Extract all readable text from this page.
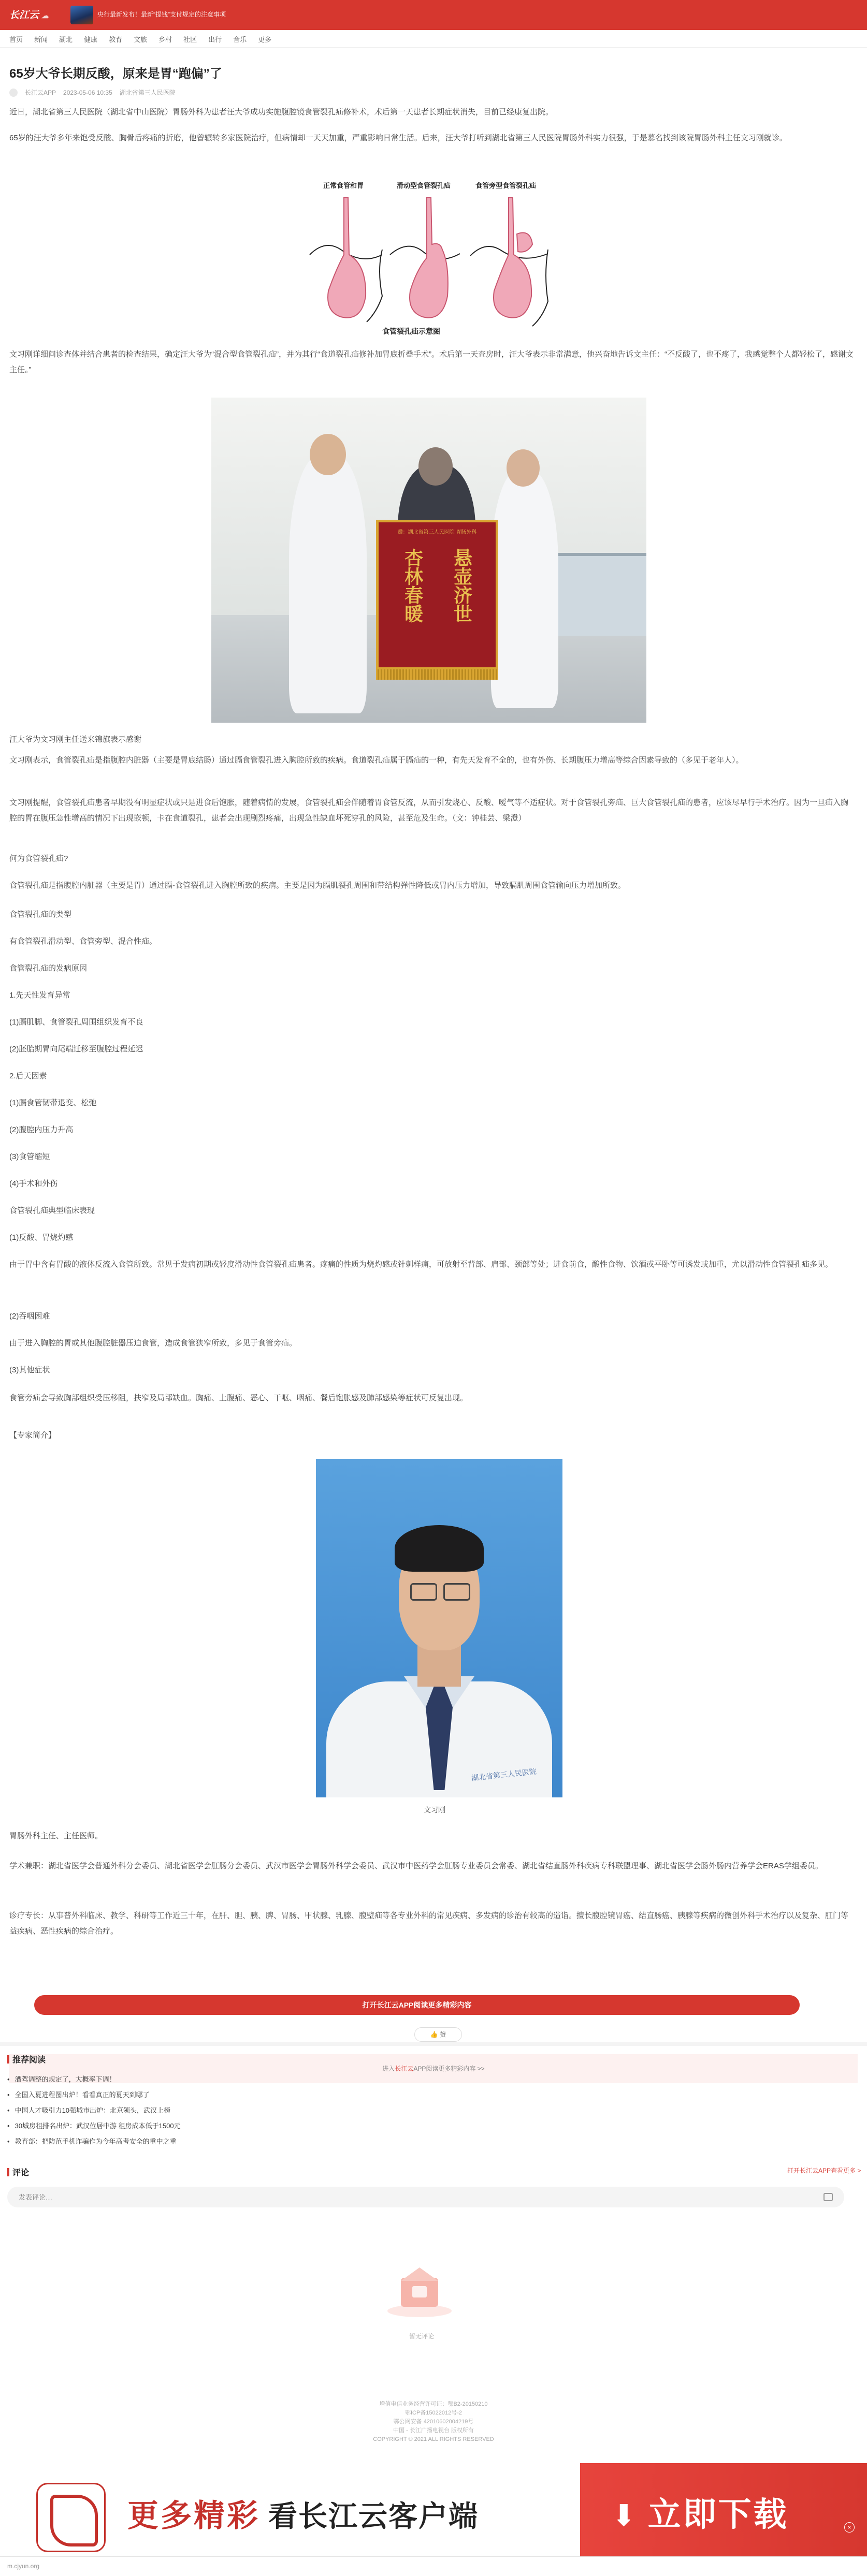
长江云 ☁	央行最新发布！最新“提钱”支付规定的注意事项
首页 新闻 湖北 健康 教育 文旅 乡村 社区 出行 音乐 更多
65岁大爷长期反酸，原来是胃“跑偏”了
长江云APP 2023-05-06 10:35 湖北省第三人民医院

近日，湖北省第三人民医院（湖北省中山医院）胃肠外科为患者汪大爷成功实施腹腔镜食管裂孔疝修补术，术后第一天患者长期症状消失，目前已经康复出院。

65岁的汪大爷多年来饱受反酸、胸骨后疼痛的折磨，他曾辗转多家医院治疗，但病情却一天天加重，严重影响日常生活。后来，汪大爷打听到湖北省第三人民医院胃肠外科实力很强，于是慕名找到该院胃肠外科主任文习刚就诊。

正常食管和胃	滑动型食管裂孔疝	食管旁型食管裂孔疝
食管裂孔疝示意图

文习刚详细问诊查体并结合患者的检查结果，确定汪大爷为“混合型食管裂孔疝”，并为其行“食道裂孔疝修补加胃底折叠手术”。术后第一天查房时，汪大爷表示非常满意，他兴奋地告诉文主任：“不反酸了，也不疼了，我感觉整个人都轻松了，感谢文主任。”

赠：湖北省第三人民医院 胃肠外科
杏林春暖 悬壶济世

汪大爷为文习刚主任送来锦旗表示感谢

文习刚表示，食管裂孔疝是指腹腔内脏器（主要是胃底结肠）通过膈食管裂孔进入胸腔所致的疾病。食道裂孔疝属于膈疝的一种，有先天发育不全的，也有外伤、长期腹压力增高等综合因素导致的（多见于老年人）。

文习刚提醒，食管裂孔疝患者早期没有明显症状或只是进食后饱胀，随着病情的发展，食管裂孔疝会伴随着胃食管反流，从而引发烧心、反酸、嗳气等不适症状。对于食管裂孔旁疝、巨大食管裂孔疝的患者，应该尽早行手术治疗。因为一旦疝入胸腔的胃在腹压急性增高的情况下出现嵌顿，卡在食道裂孔，患者会出现剧烈疼痛，出现急性缺血坏死穿孔的风险，甚至危及生命。（文：钟桂芸、梁澄）

何为食管裂孔疝?

食管裂孔疝是指腹腔内脏器（主要是胃）通过膈-食管裂孔进入胸腔所致的疾病。主要是因为膈肌裂孔周围和带结构弹性降低或胃内压力增加，导致膈肌周围食管输向压力增加所致。

食管裂孔疝的类型

有食管裂孔滑动型、食管旁型、混合性疝。

食管裂孔疝的发病原因

1.先天性发育异常

(1)膈肌脚、食管裂孔周围组织发育不良

(2)胚胎期胃向尾端迁移至腹腔过程延迟

2.后天因素

(1)膈食管韧带退变、松弛

(2)腹腔内压力升高

(3)食管缩短

(4)手术和外伤

食管裂孔疝典型临床表现

(1)反酸、胃烧灼感

由于胃中含有胃酸的液体反流入食管所致。常见于发病初期或轻度滑动性食管裂孔疝患者。疼痛的性质为烧灼感或针刺样痛，可放射至背部、肩部、颈部等处；进食前食，酸性食物、饮酒或平卧等可诱发或加重，尤以滑动性食管裂孔疝多见。

(2)吞咽困难

由于进入胸腔的胃或其他腹腔脏器压迫食管，造成食管狭窄所致，多见于食管旁疝。

(3)其他症状

食管旁疝会导致胸部组织受压移阻，扶窄及局部缺血。胸痛、上腹痛、恶心、干呕、咽痛、餐后饱胀感及肺部感染等症状可反复出现。

【专家简介】

湖北省第三人民医院
文习刚

胃肠外科主任、主任医师。

学术兼职：湖北省医学会普通外科分会委员、湖北省医学会肛肠分会委员、武汉市医学会胃肠外科学会委员、武汉市中医药学会肛肠专业委员会常委、湖北省结直肠外科疾病专科联盟理事、湖北省医学会肠外肠内营养学会ERAS学组委员。

诊疗专长：从事普外科临床、教学、科研等工作近三十年，在肝、胆、胰、脾、胃肠、甲状腺、乳腺、腹壁疝等各专业外科的常见疾病、多发病的诊治有较高的造诣。擅长腹腔镜胃癌、结直肠癌、胰腺等疾病的微创外科手术治疗以及复杂、肛门等益疾病、恶性疾病的综合治疗。

打开长江云APP阅读更多精彩内容
👍 赞
进入长江云APP阅读更多精彩内容 >>
推荐阅读
• 酒驾调整的规定了，大概率下调！
• 全国入夏进程图出炉！看看真正的夏天到哪了
• 中国人才吸引力10强城市出炉：北京领头，武汉上榜
• 30城房租排名出炉：武汉位居中游 租房成本低于1500元
• 教育部：把防范手机诈骗作为今年高考安全的重中之重
评论	打开长江云APP查看更多 >
发表评论…
暂无评论
增值电信业务经营许可证：鄂B2-20150210
鄂ICP备15022012号-2
鄂公网安备 42010602004219号
中国 - 长江广播电视台 版权所有
COPYRIGHT © 2021 ALL RIGHTS RESERVED
更多精彩 看长江云客户端	⬇ 立即下载	×
m.cjyun.org
